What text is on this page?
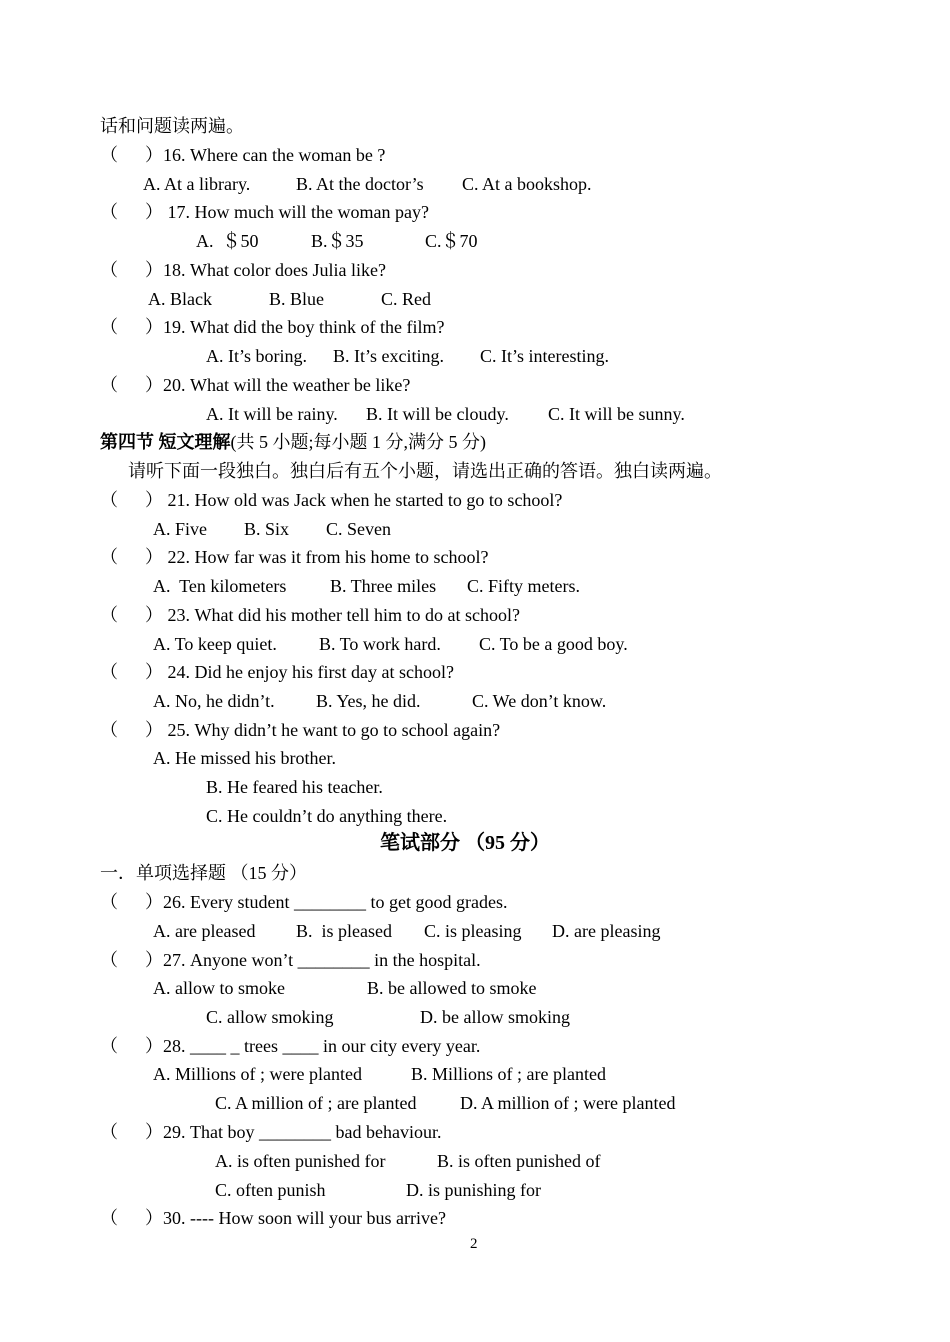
话和问题读两遍。
（      ）16. Where can the woman be ?
A. At a library.	B. At the doctor’s C. At a bookshop.
（      ） 17. How much will the woman pay?
A.  ＄50	B.＄35	C.＄70
（      ）18. What color does Julia like?
A. Black	B. Blue	C. Red
（      ）19. What did the boy think of the film?
A. It’s boring. B. It’s exciting. C. It’s interesting.
（      ）20. What will the weather be like?
A. It will be rainy. B. It will be cloudy. C. It will be sunny.
第四节 短文理解(共 5 小题;每小题 1 分,满分 5 分)
请听下面一段独白。独白后有五个小题，请选出正确的答语。独白读两遍。
（      ） 21. How old was Jack when he started to go to school?
A. Five B. Six C. Seven
（      ） 22. How far was it from his home to school?
A.  Ten kilometers B. Three miles C. Fifty meters.
（      ） 23. What did his mother tell him to do at school?
A. To keep quiet. B. To work hard. C. To be a good boy.
（      ） 24. Did he enjoy his first day at school?
A. No, he didn’t. B. Yes, he did.	C. We don’t know.
（      ） 25. Why didn’t he want to go to school again?
A. He missed his brother.
B. He feared his teacher.
C. He couldn’t do anything there.
笔试部分 （95 分）
一．单项选择题 （15 分）
（      ）26. Every student ________ to get good grades.
A. are pleased B.  is pleased C. is pleasing D. are pleasing
（      ）27. Anyone won’t ________ in the hospital.
A. allow to smoke	B. be allowed to smoke
C. allow smoking	D. be allow smoking
（      ）28. ____ _ trees ____ in our city every year.
A. Millions of ; were planted	B. Millions of ; are planted
C. A million of ; are planted D. A million of ; were planted
（      ）29. That boy ________ bad behaviour.
A. is often punished for	B. is often punished of
C. often punish	D. is punishing for
（      ）30. ---- How soon will your bus arrive?
2
